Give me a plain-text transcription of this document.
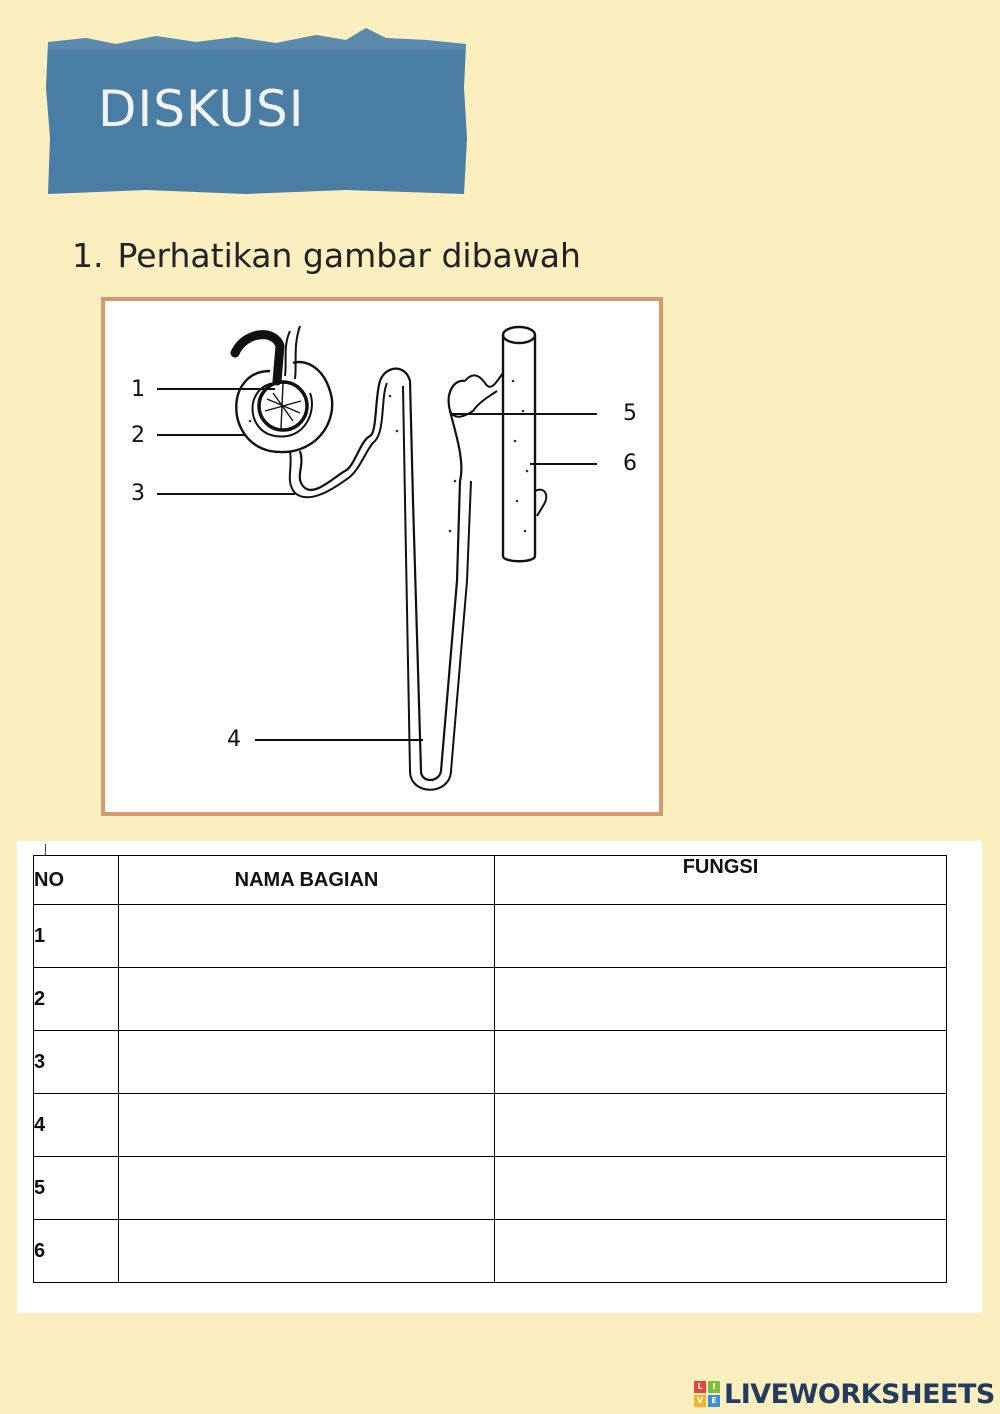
DISKUSI
1. Perhatikan gambar dibawah
1
2
3
4
5
6
NO	NAMA BAGIAN	FUNGSI
1		
2		
3		
4		
5		
6		
L	I
V	E LIVEWORKSHEETS
